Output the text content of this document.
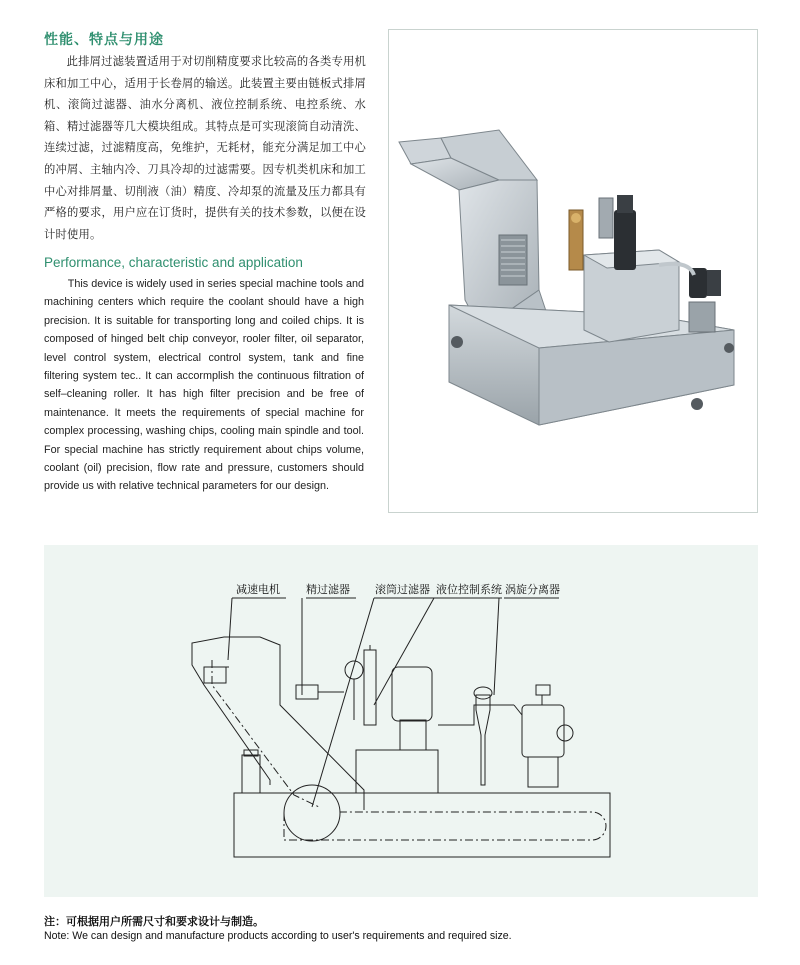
性能、特点与用途
此排屑过滤装置适用于对切削精度要求比较高的各类专用机床和加工中心，适用于长卷屑的输送。此装置主要由链板式排屑机、滚筒过滤器、油水分离机、液位控制系统、电控系统、水箱、精过滤器等几大模块组成。其特点是可实现滚筒自动清洗、连续过滤，过滤精度高，免维护，无耗材，能充分满足加工中心的冲屑、主轴内冷、刀具冷却的过滤需要。因专机类机床和加工中心对排屑量、切削液（油）精度、冷却泵的流量及压力都具有严格的要求，用户应在订货时，提供有关的技术参数，以便在设计时使用。
Performance, characteristic and application
This device is widely used in series special machine tools and machining centers which require the coolant should have a high precision. It is suitable for transporting long and coiled chips. It is composed of hinged belt chip conveyor, rooler filter, oil separator, level control system, electrical control system, tank and fine filtering system tec.. It can accormplish the continuous filtration of self–cleaning roller. It has high filter precision and be free of maintenance. It meets the requirements of special machine for complex processing, washing chips, cooling main spindle and tool. For special machine has strictly requirement about chips volume, coolant (oil) precision, flow rate and pressure, customers should provide us with relative technical parameters for our design.
减速电机 精过滤器 滚筒过滤器 液位控制系统 涡旋分离器
注：可根据用户所需尺寸和要求设计与制造。
Note: We can design and manufacture products according to user's requirements and required size.
